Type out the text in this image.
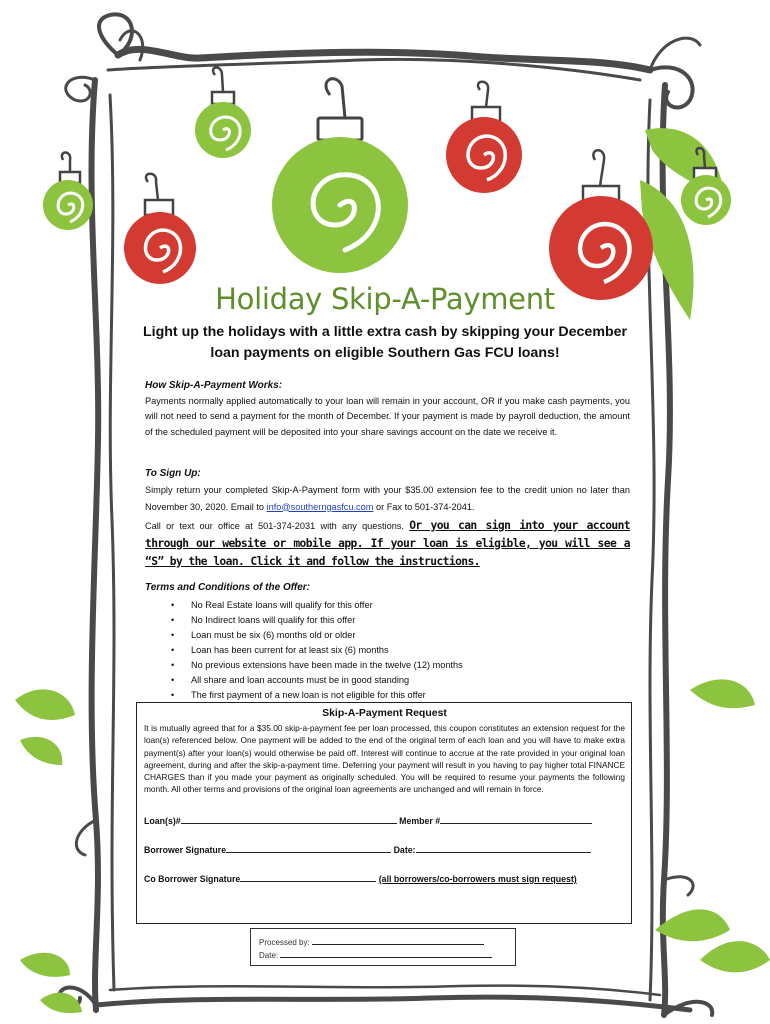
Holiday Skip-A-Payment
Light up the holidays with a little extra cash by skipping your December loan payments on eligible Southern Gas FCU loans!
How Skip-A-Payment Works:
Payments normally applied automatically to your loan will remain in your account, OR if you make cash payments, you will not need to send a payment for the month of December. If your payment is made by payroll deduction, the amount of the scheduled payment will be deposited into your share savings account on the date we receive it.
To Sign Up:
Simply return your completed Skip-A-Payment form with your $35.00 extension fee to the credit union no later than November 30, 2020. Email to info@southerngasfcu.com or Fax to 501-374-2041.
Call or text our office at 501-374-2031 with any questions. Or you can sign into your account through our website or mobile app. If your loan is eligible, you will see a “S” by the loan. Click it and follow the instructions.
Terms and Conditions of the Offer:
• No Real Estate loans will qualify for this offer
• No Indirect loans will qualify for this offer
• Loan must be six (6) months old or older
• Loan has been current for at least six (6) months
• No previous extensions have been made in the twelve (12) months
• All share and loan accounts must be in good standing
• The first payment of a new loan is not eligible for this offer
Skip-A-Payment Request
It is mutually agreed that for a $35.00 skip-a-payment fee per loan processed, this coupon constitutes an extension request for the loan(s) referenced below. One payment will be added to the end of the original term of each loan and you will have to make extra payment(s) after your loan(s) would otherwise be paid off. Interest will continue to accrue at the rate provided in your original loan agreement, during and after the skip-a-payment time. Deferring your payment will result in you having to pay higher total FINANCE CHARGES than if you made your payment as originally scheduled. You will be required to resume your payments the following month. All other terms and provisions of the original loan agreements are unchanged and will remain in force.
Loan(s)#	Member #
Borrower Signature	Date:
Co Borrower Signature	(all borrowers/co-borrowers must sign request)
Processed by:
Date:
